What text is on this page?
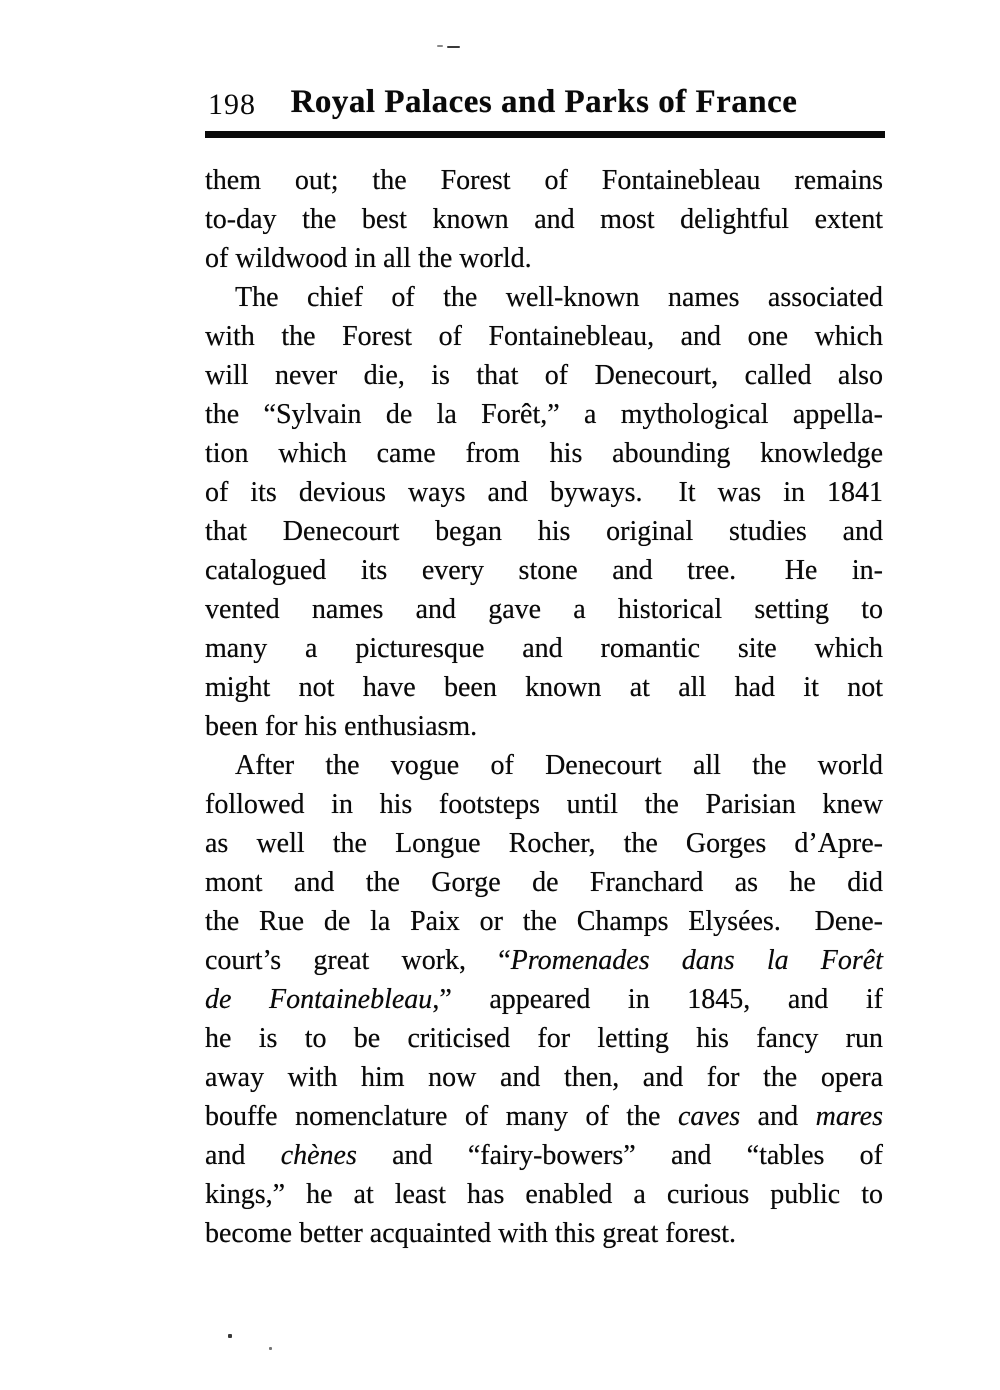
198	Royal Palaces and Parks of France
them out; the Forest of Fontainebleau remains
to-day the best known and most delightful extent
of wildwood in all the world.
The chief of the well-known names associated
with the Forest of Fontainebleau, and one which
will never die, is that of Denecourt, called also
the “Sylvain de la Forêt,” a mythological appella-
tion which came from his abounding knowledge
of its devious ways and byways.  It was in 1841
that Denecourt began his original studies and
catalogued its every stone and tree.  He in-
vented names and gave a historical setting to
many a picturesque and romantic site which
might not have been known at all had it not
been for his enthusiasm.
After the vogue of Denecourt all the world
followed in his footsteps until the Parisian knew
as well the Longue Rocher, the Gorges d’Apre-
mont and the Gorge de Franchard as he did
the Rue de la Paix or the Champs Elysées.  Dene-
court’s great work, “Promenades dans la Forêt
de Fontainebleau,” appeared in 1845, and if
he is to be criticised for letting his fancy run
away with him now and then, and for the opera
bouffe nomenclature of many of the caves and mares
and chènes and “fairy-bowers” and “tables of
kings,” he at least has enabled a curious public to
become better acquainted with this great forest.
